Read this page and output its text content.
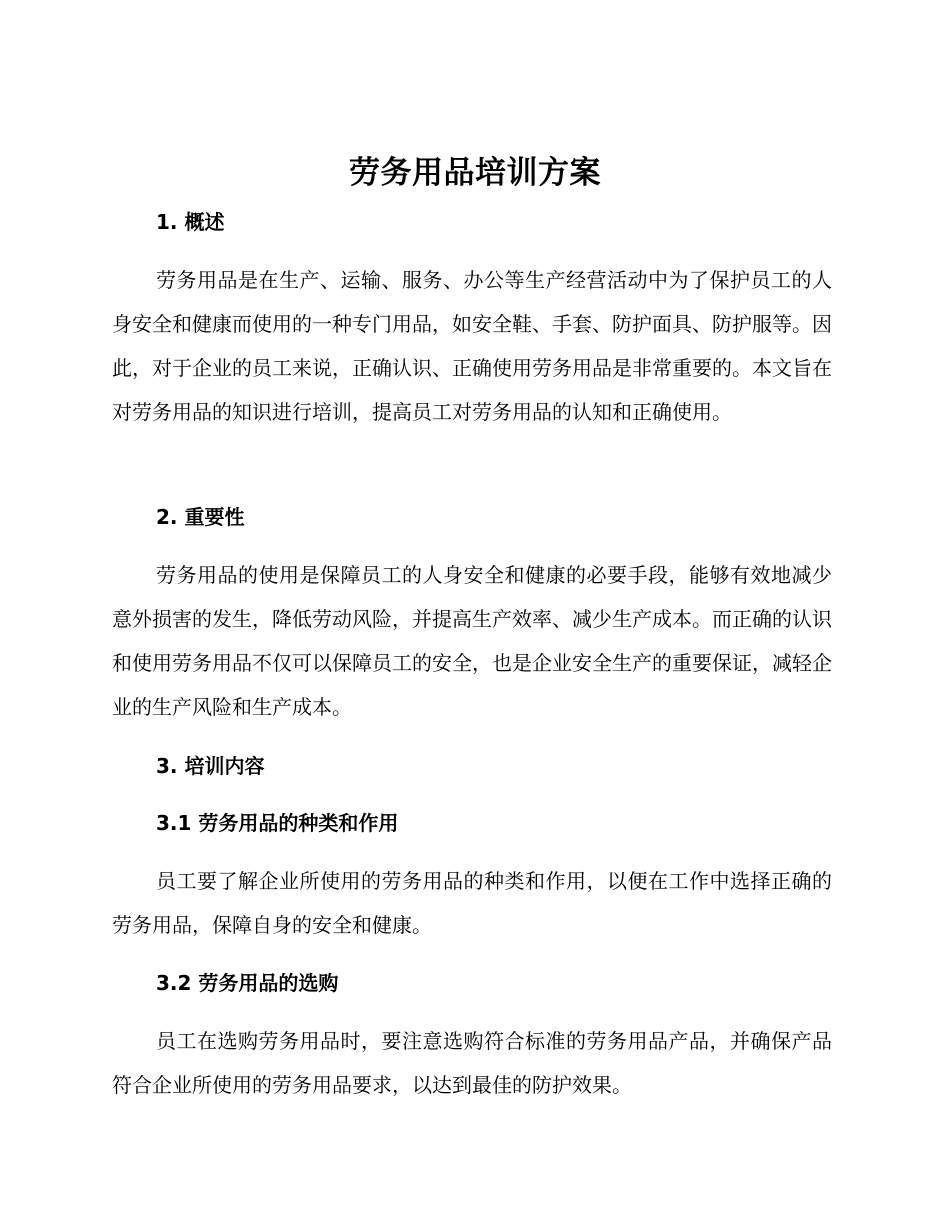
劳务用品培训方案
1. 概述
劳务用品是在生产、运输、服务、办公等生产经营活动中为了保护员工的人身安全和健康而使用的一种专门用品，如安全鞋、手套、防护面具、防护服等。因此，对于企业的员工来说，正确认识、正确使用劳务用品是非常重要的。本文旨在对劳务用品的知识进行培训，提高员工对劳务用品的认知和正确使用。
2. 重要性
劳务用品的使用是保障员工的人身安全和健康的必要手段，能够有效地减少意外损害的发生，降低劳动风险，并提高生产效率、减少生产成本。而正确的认识和使用劳务用品不仅可以保障员工的安全，也是企业安全生产的重要保证，减轻企业的生产风险和生产成本。
3. 培训内容
3.1 劳务用品的种类和作用
员工要了解企业所使用的劳务用品的种类和作用，以便在工作中选择正确的劳务用品，保障自身的安全和健康。
3.2 劳务用品的选购
员工在选购劳务用品时，要注意选购符合标准的劳务用品产品，并确保产品符合企业所使用的劳务用品要求，以达到最佳的防护效果。
